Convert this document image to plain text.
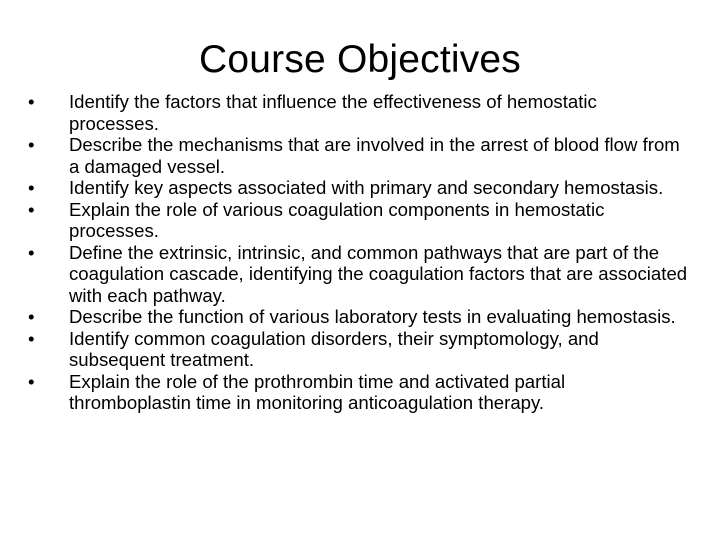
Course Objectives
•	Identify the factors that influence the effectiveness of hemostatic processes.
•	Describe the mechanisms that are involved in the arrest of blood flow from a damaged vessel.
•	Identify key aspects associated with primary and secondary hemostasis.
•	Explain the role of various coagulation components in hemostatic processes.
•	Define the extrinsic, intrinsic, and common pathways that are part of the coagulation cascade, identifying the coagulation factors that are associated with each pathway.
•	Describe the function of various laboratory tests in evaluating hemostasis.
•	Identify common coagulation disorders, their symptomology, and subsequent treatment.
•	Explain the role of the prothrombin time and activated partial thromboplastin time in monitoring anticoagulation therapy.
